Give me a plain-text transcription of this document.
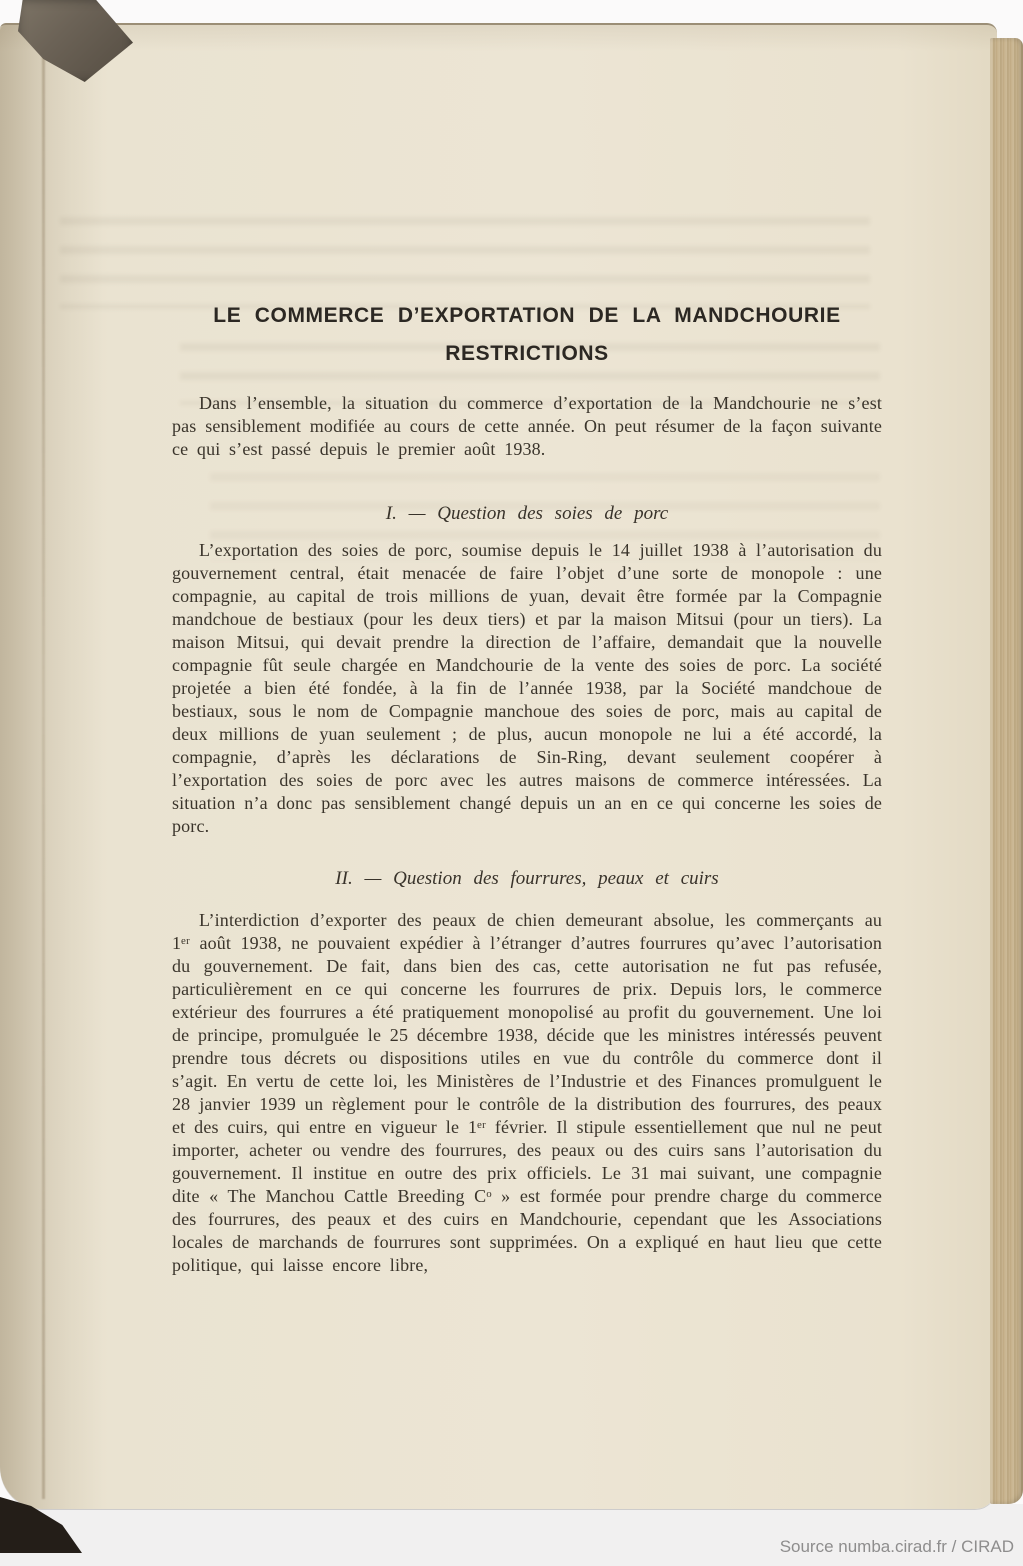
LE COMMERCE D’EXPORTATION DE LA MANDCHOURIE
RESTRICTIONS

Dans l’ensemble, la situation du commerce d’exportation de la Mandchourie ne s’est pas sensiblement modifiée au cours de cette année. On peut résumer de la façon suivante ce qui s’est passé depuis le premier août 1938.

I. — Question des soies de porc

L’exportation des soies de porc, soumise depuis le 14 juillet 1938 à l’autorisation du gouvernement central, était menacée de faire l’objet d’une sorte de monopole : une compagnie, au capital de trois millions de yuan, devait être formée par la Compagnie mandchoue de bestiaux (pour les deux tiers) et par la maison Mitsui (pour un tiers). La maison Mitsui, qui devait prendre la direction de l’affaire, demandait que la nouvelle compagnie fût seule chargée en Mandchourie de la vente des soies de porc. La société projetée a bien été fondée, à la fin de l’année 1938, par la Société mandchoue de bestiaux, sous le nom de Compagnie manchoue des soies de porc, mais au capital de deux millions de yuan seulement ; de plus, aucun monopole ne lui a été accordé, la compagnie, d’après les déclarations de Sin-Ring, devant seulement coopérer à l’exportation des soies de porc avec les autres maisons de commerce intéressées. La situation n’a donc pas sensiblement changé depuis un an en ce qui concerne les soies de porc.

II. — Question des fourrures, peaux et cuirs

L’interdiction d’exporter des peaux de chien demeurant absolue, les commerçants au 1ᵉʳ août 1938, ne pouvaient expédier à l’étranger d’autres fourrures qu’avec l’autorisation du gouvernement. De fait, dans bien des cas, cette autorisation ne fut pas refusée, particulièrement en ce qui concerne les fourrures de prix. Depuis lors, le commerce extérieur des fourrures a été pratiquement monopolisé au profit du gouvernement. Une loi de principe, promulguée le 25 décembre 1938, décide que les ministres intéressés peuvent prendre tous décrets ou dispositions utiles en vue du contrôle du commerce dont il s’agit. En vertu de cette loi, les Ministères de l’Industrie et des Finances promulguent le 28 janvier 1939 un règlement pour le contrôle de la distribution des fourrures, des peaux et des cuirs, qui entre en vigueur le 1ᵉʳ février. Il stipule essentiellement que nul ne peut importer, acheter ou vendre des fourrures, des peaux ou des cuirs sans l’autorisation du gouvernement. Il institue en outre des prix officiels. Le 31 mai suivant, une compagnie dite « The Manchou Cattle Breeding Cᵒ » est formée pour prendre charge du commerce des fourrures, des peaux et des cuirs en Mandchourie, cependant que les Associations locales de marchands de fourrures sont supprimées. On a expliqué en haut lieu que cette politique, qui laisse encore libre,

Source numba.cirad.fr / CIRAD
